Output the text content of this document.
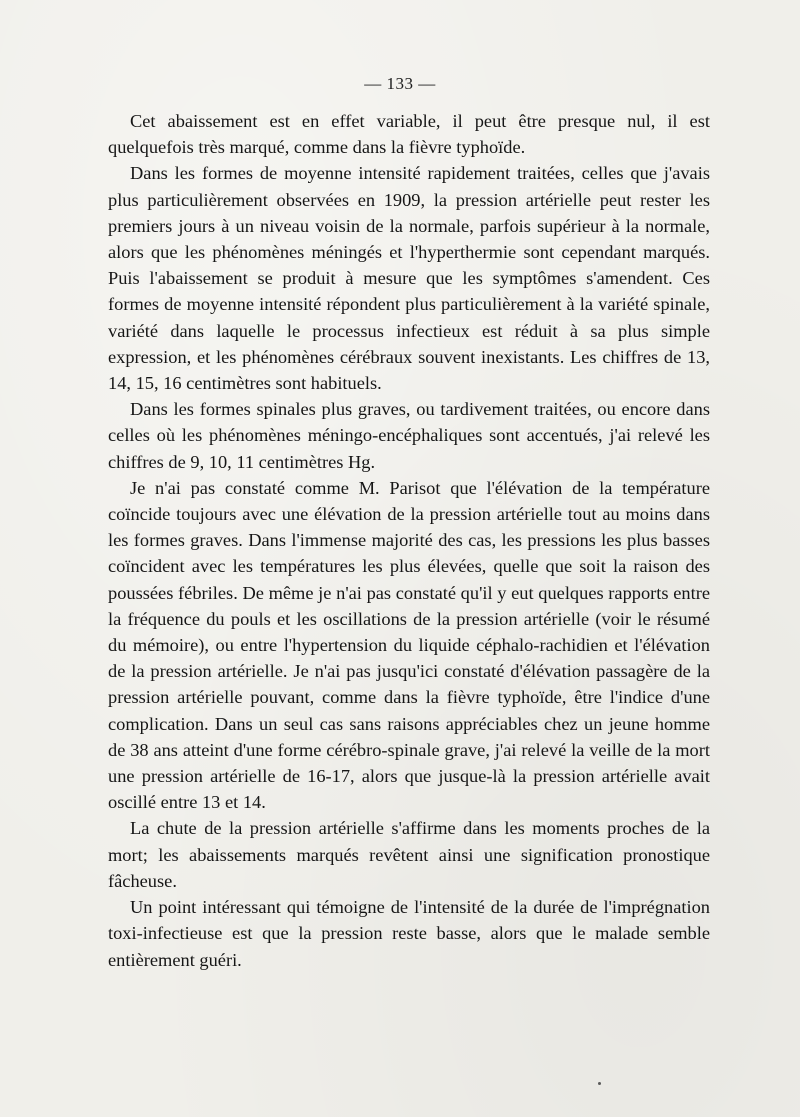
— 133 —

Cet abaissement est en effet variable, il peut être presque nul, il est quelquefois très marqué, comme dans la fièvre typhoïde.

Dans les formes de moyenne intensité rapidement traitées, celles que j'avais plus particulièrement observées en 1909, la pression artérielle peut rester les premiers jours à un niveau voisin de la normale, parfois supérieur à la normale, alors que les phénomènes méningés et l'hyperthermie sont cependant marqués. Puis l'abaissement se produit à mesure que les symptômes s'amendent. Ces formes de moyenne intensité répondent plus particulièrement à la variété spinale, variété dans laquelle le processus infectieux est réduit à sa plus simple expression, et les phénomènes cérébraux souvent inexistants. Les chiffres de 13, 14, 15, 16 centimètres sont habituels.

Dans les formes spinales plus graves, ou tardivement traitées, ou encore dans celles où les phénomènes méningo-encéphaliques sont accentués, j'ai relevé les chiffres de 9, 10, 11 centimètres Hg.

Je n'ai pas constaté comme M. Parisot que l'élévation de la température coïncide toujours avec une élévation de la pression artérielle tout au moins dans les formes graves. Dans l'immense majorité des cas, les pressions les plus basses coïncident avec les températures les plus élevées, quelle que soit la raison des poussées fébriles. De même je n'ai pas constaté qu'il y eut quelques rapports entre la fréquence du pouls et les oscillations de la pression artérielle (voir le résumé du mémoire), ou entre l'hypertension du liquide céphalo-rachidien et l'élévation de la pression artérielle. Je n'ai pas jusqu'ici constaté d'élévation passagère de la pression artérielle pouvant, comme dans la fièvre typhoïde, être l'indice d'une complication. Dans un seul cas sans raisons appréciables chez un jeune homme de 38 ans atteint d'une forme cérébro-spinale grave, j'ai relevé la veille de la mort une pression artérielle de 16-17, alors que jusque-là la pression artérielle avait oscillé entre 13 et 14.

La chute de la pression artérielle s'affirme dans les moments proches de la mort; les abaissements marqués revêtent ainsi une signification pronostique fâcheuse.

Un point intéressant qui témoigne de l'intensité de la durée de l'imprégnation toxi-infectieuse est que la pression reste basse, alors que le malade semble entièrement guéri.
